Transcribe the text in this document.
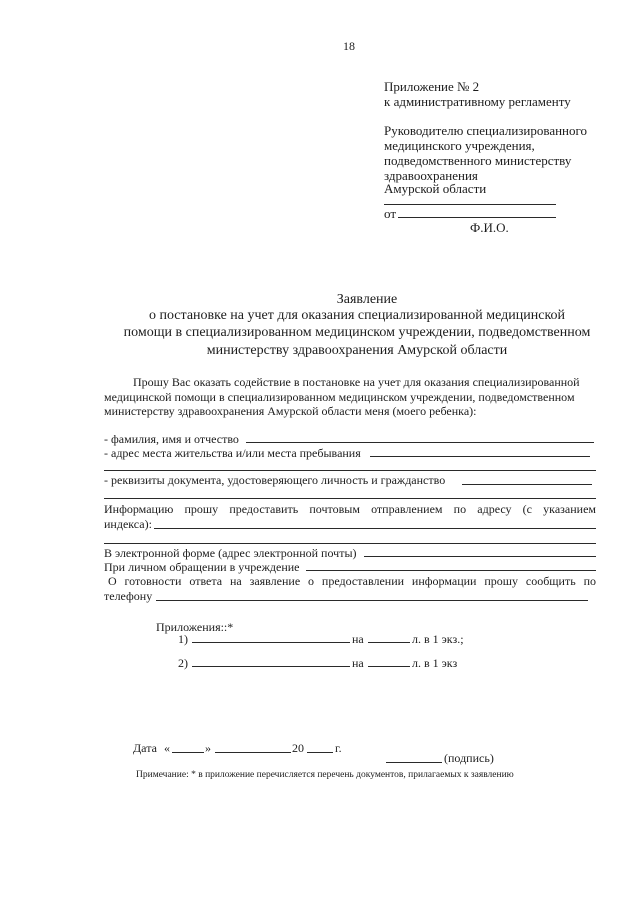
18
Приложение № 2
к административному регламенту
Руководителю специализированного
медицинского учреждения,
подведомственного министерству
здравоохранения
Амурской области
от
Ф.И.О.
Заявление
о постановке на учет для оказания специализированной медицинской
помощи в специализированном медицинском учреждении, подведомственном
министерству здравоохранения Амурской области
Прошу Вас оказать содействие в постановке на учет для оказания специализированной
медицинской помощи в специализированном медицинском учреждении, подведомственном
министерству здравоохранения Амурской области меня (моего ребенка):
- фамилия, имя и отчество
- адрес места жительства и/или места пребывания
- реквизиты документа, удостоверяющего личность и гражданство
Информацию прошу предоставить почтовым отправлением по адресу (с указанием
индекса):
В электронной форме (адрес электронной почты)
При личном обращении в учреждение
О готовности ответа на заявление о предоставлении информации прошу сообщить по
телефону
Приложения::*
1)	на	л. в 1 экз.;
2)	на	л. в 1 экз
Дата «	»	20	г.
(подпись)
Примечание: * в приложение перечисляется перечень документов, прилагаемых к заявлению
